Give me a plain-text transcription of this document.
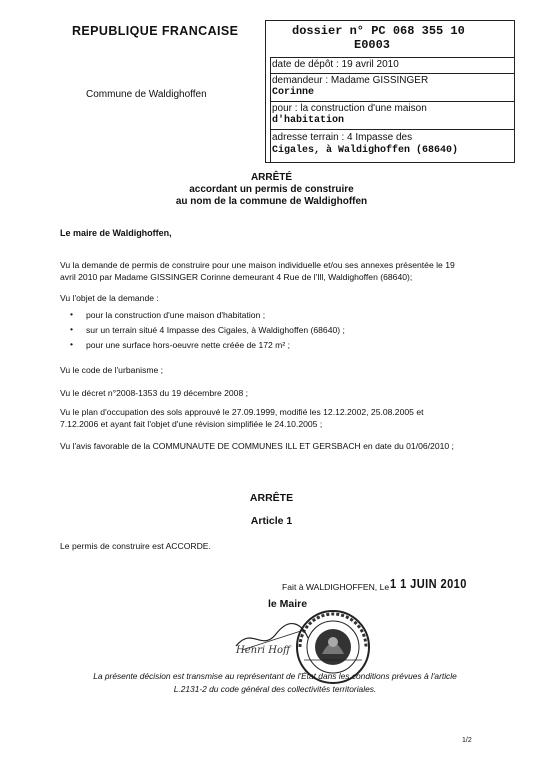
REPUBLIQUE FRANCAISE
Commune de Waldighoffen
dossier n° PC 068 355 10
E0003
date de dépôt : 19 avril 2010
demandeur : Madame GISSINGER
Corinne
pour : la construction d'une maison
d'habitation
adresse terrain : 4 Impasse des
Cigales, à Waldighoffen (68640)
ARRÊTÉ
accordant un permis de construire
au nom de la commune de Waldighoffen
Le maire de Waldighoffen,
Vu la demande de permis de construire pour une maison individuelle et/ou ses annexes présentée le 19
avril 2010 par Madame GISSINGER Corinne demeurant 4 Rue de l'Ill, Waldighoffen (68640);
Vu l'objet de la demande :
• pour la construction d'une maison d'habitation ;
• sur un terrain situé 4 Impasse des Cigales, à Waldighoffen (68640) ;
• pour une surface hors-oeuvre nette créée de 172 m² ;
Vu le code de l'urbanisme ;
Vu le décret n°2008-1353 du 19 décembre 2008 ;
Vu le plan d'occupation des sols approuvé le 27.09.1999, modifié les 12.12.2002, 25.08.2005 et
7.12.2006 et ayant fait l'objet d'une révision simplifiée le 24.10.2005 ;
Vu l'avis favorable de la COMMUNAUTE DE COMMUNES ILL ET GERSBACH en date du 01/06/2010 ;
ARRÊTE
Article 1
Le permis de construire est ACCORDE.
Fait à WALDIGHOFFEN, Le 1 1 JUIN 2010
le Maire
Henri Hoff
La présente décision est transmise au représentant de l'État dans les conditions prévues à l'article
L.2131-2 du code général des collectivités territoriales.
1/2
